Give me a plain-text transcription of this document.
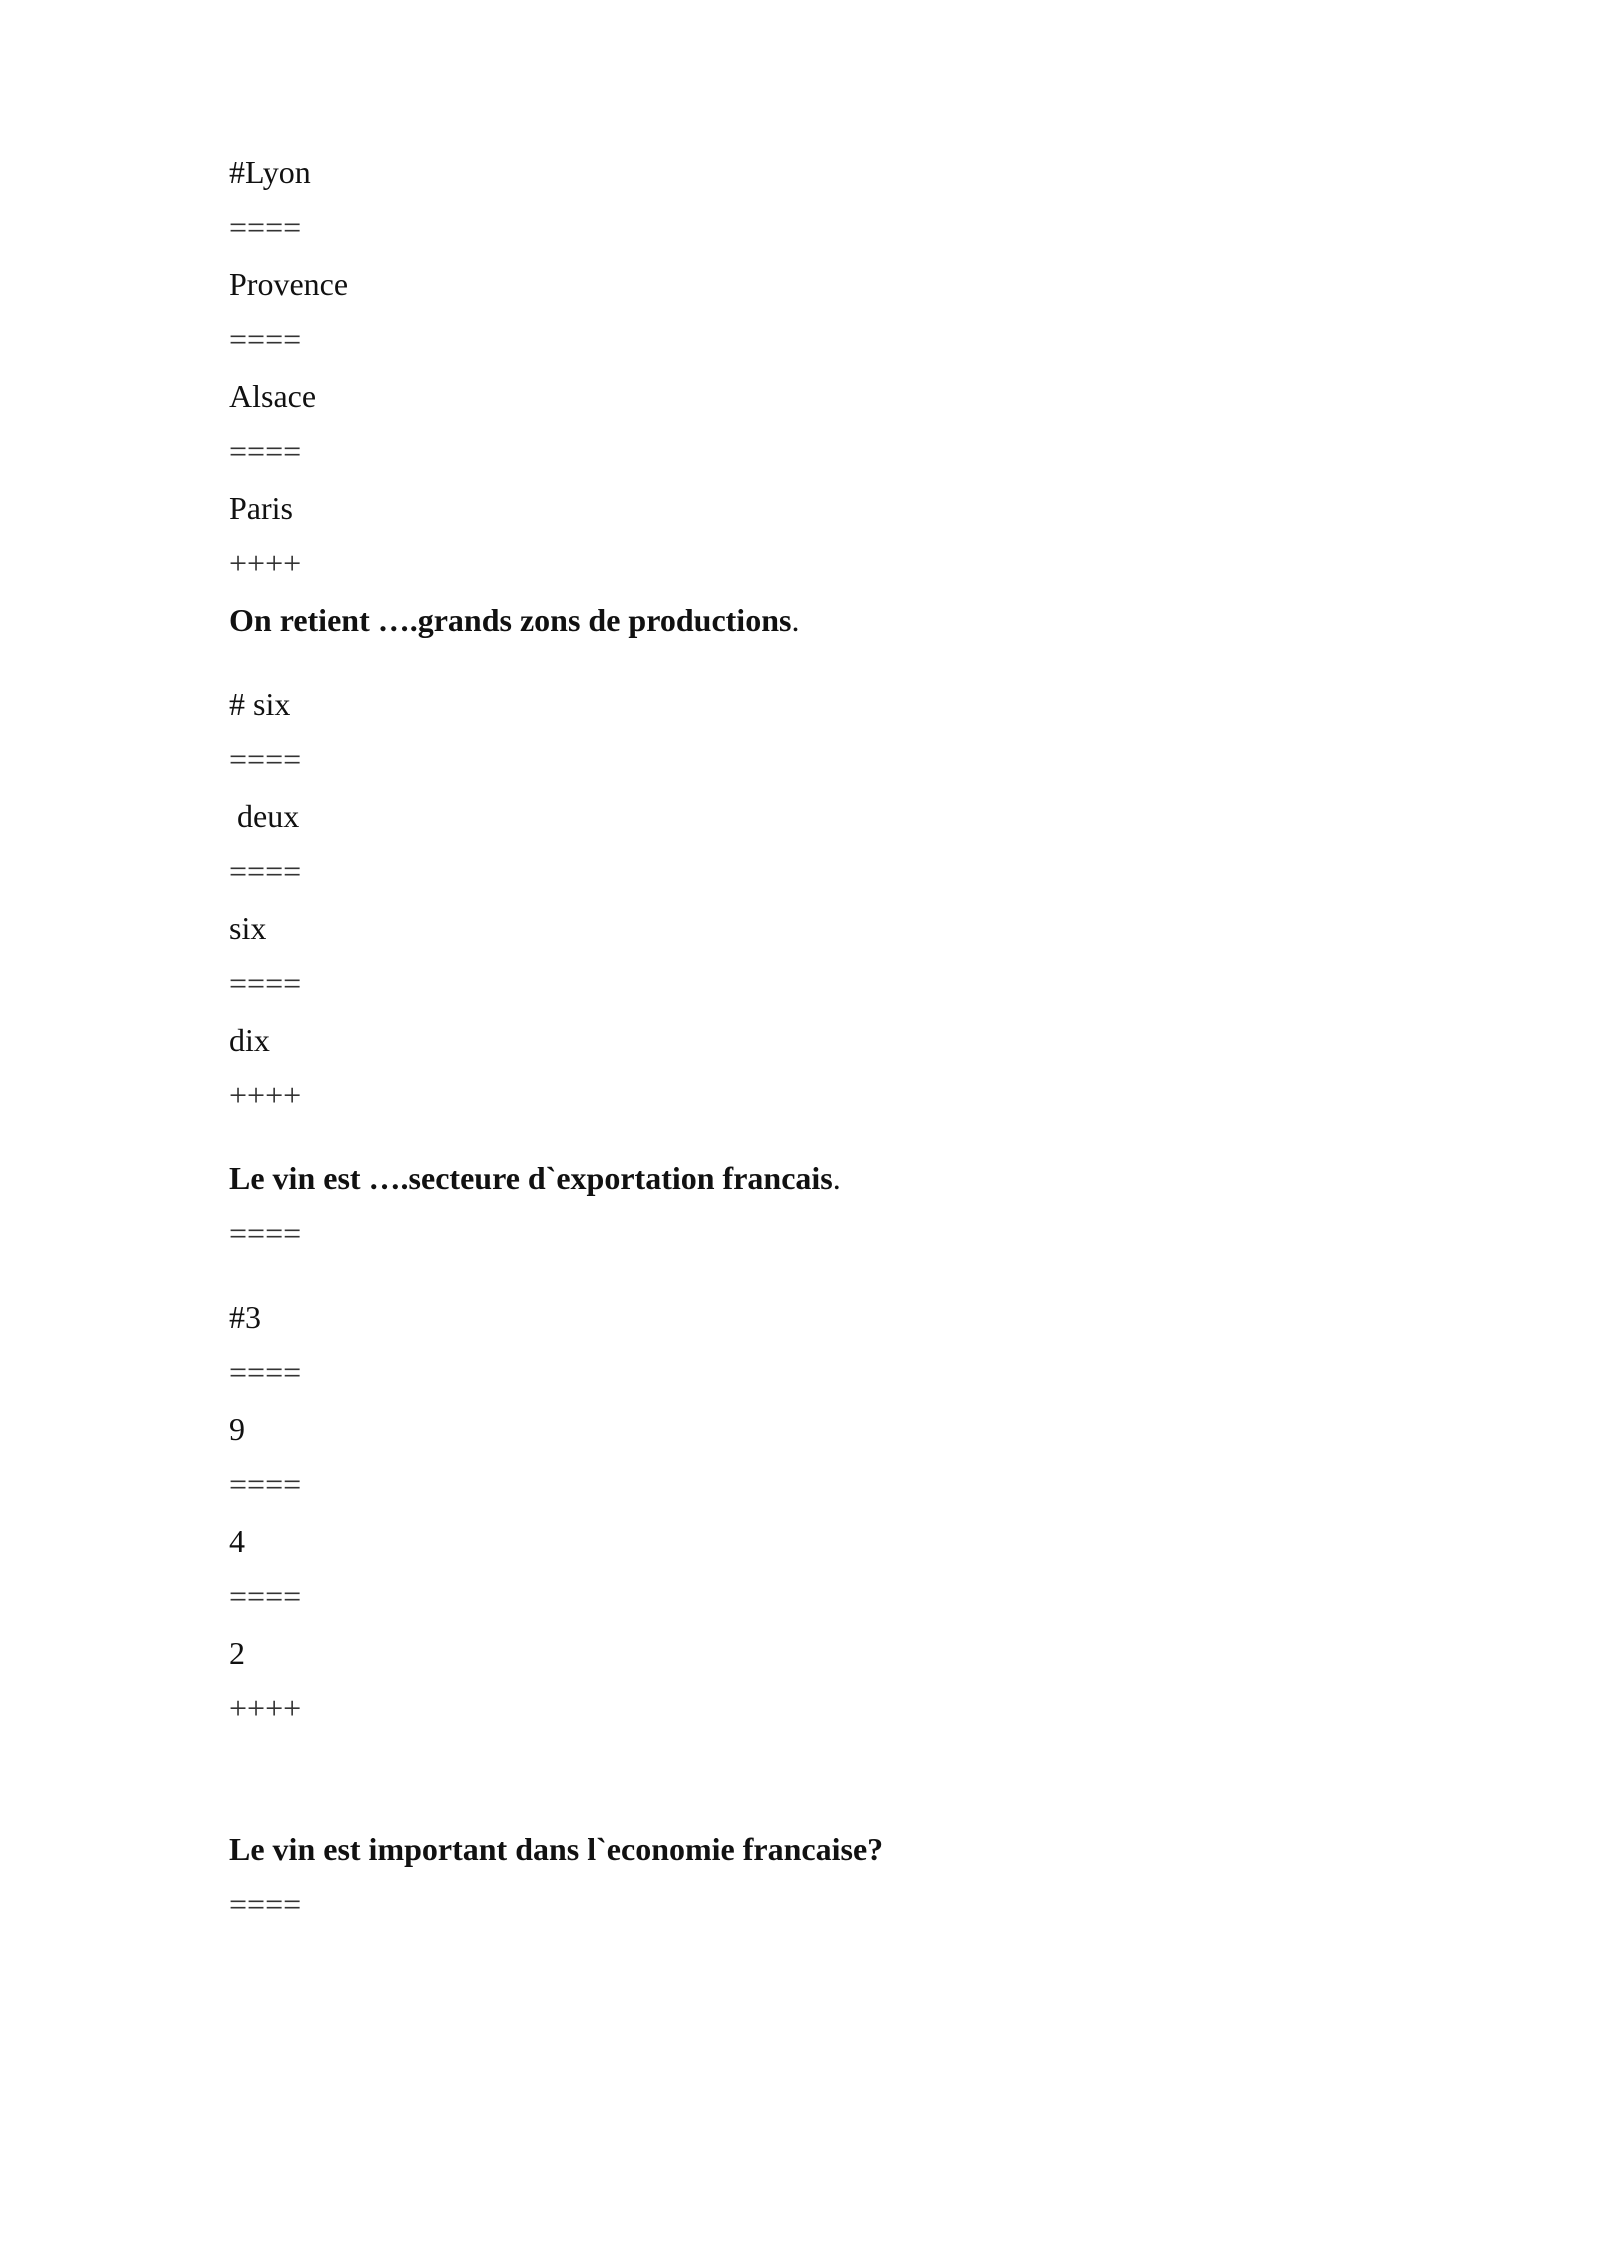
#Lyon
====
Provence
====
Alsace
====
Paris
++++
On retient ….grands zons de productions.
# six
====
deux
====
six
====
dix
++++
Le vin est ….secteure d`exportation francais.
====
#3
====
9
====
4
====
2
++++
Le vin est important dans l`economie francaise?
====
